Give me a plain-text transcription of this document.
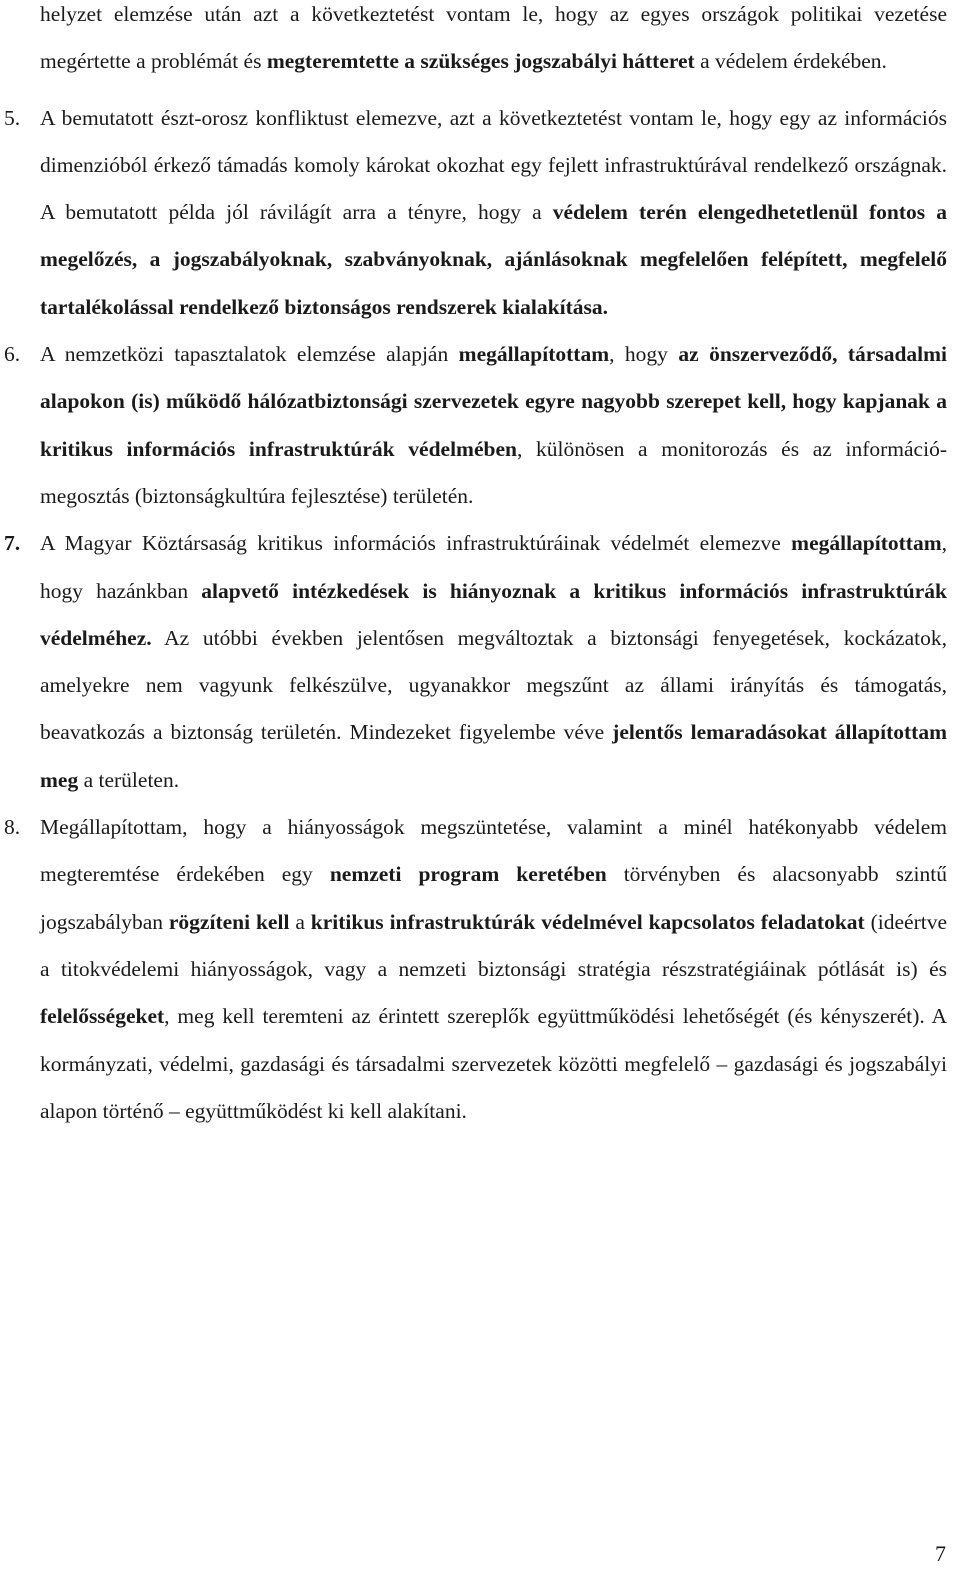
helyzet elemzése után azt a következtetést vontam le, hogy az egyes országok politikai vezetése megértette a problémát és megteremtette a szükséges jogszabályi hátteret a védelem érdekében.

5. A bemutatott észt-orosz konfliktust elemezve, azt a következtetést vontam le, hogy egy az információs dimenzióból érkező támadás komoly károkat okozhat egy fejlett infrastruktúrával rendelkező országnak. A bemutatott példa jól rávilágít arra a tényre, hogy a védelem terén elengedhetetlenül fontos a megelőzés, a jogszabályoknak, szabványoknak, ajánlásoknak megfelelően felépített, megfelelő tartalékolással rendelkező biztonságos rendszerek kialakítása.

6. A nemzetközi tapasztalatok elemzése alapján megállapítottam, hogy az önszerveződő, társadalmi alapokon (is) működő hálózatbiztonsági szervezetek egyre nagyobb szerepet kell, hogy kapjanak a kritikus információs infrastruktúrák védelmében, különösen a monitorozás és az információ-megosztás (biztonságkultúra fejlesztése) területén.

7. A Magyar Köztársaság kritikus információs infrastruktúráinak védelmét elemezve megállapítottam, hogy hazánkban alapvető intézkedések is hiányoznak a kritikus információs infrastruktúrák védelméhez. Az utóbbi években jelentősen megváltoztak a biztonsági fenyegetések, kockázatok, amelyekre nem vagyunk felkészülve, ugyanakkor megszűnt az állami irányítás és támogatás, beavatkozás a biztonság területén. Mindezeket figyelembe véve jelentős lemaradásokat állapítottam meg a területen.

8. Megállapítottam, hogy a hiányosságok megszüntetése, valamint a minél hatékonyabb védelem megteremtése érdekében egy nemzeti program keretében törvényben és alacsonyabb szintű jogszabályban rögzíteni kell a kritikus infrastruktúrák védelmével kapcsolatos feladatokat (ideértve a titokvédelemi hiányosságok, vagy a nemzeti biztonsági stratégia részstratégiáinak pótlását is) és felelősségeket, meg kell teremteni az érintett szereplők együttműködési lehetőségét (és kényszerét). A kormányzati, védelmi, gazdasági és társadalmi szervezetek közötti megfelelő – gazdasági és jogszabályi alapon történő – együttműködést ki kell alakítani.

7
